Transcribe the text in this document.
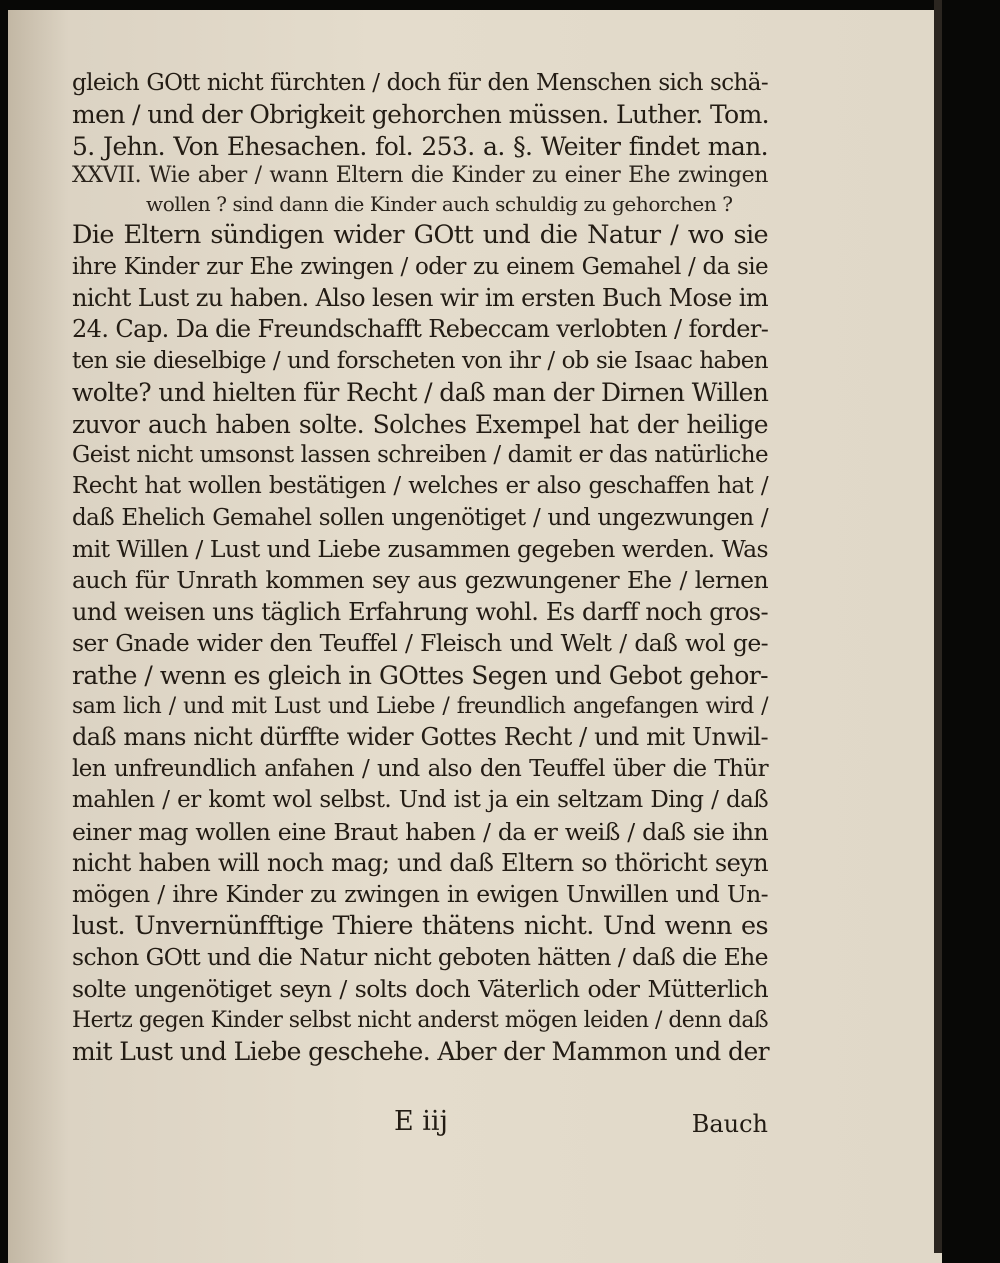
gleich GOtt nicht fürchten / doch für den Menschen sich schä-
men / und der Obrigkeit gehorchen müssen. Luther. Tom.
5. Jehn. Von Ehesachen. fol. 253. a. §. Weiter findet man.
XXVII. Wie aber / wann Eltern die Kinder zu einer Ehe zwingen
wollen ? sind dann die Kinder auch schuldig zu gehorchen ?
Die Eltern sündigen wider GOtt und die Natur / wo sie
ihre Kinder zur Ehe zwingen / oder zu einem Gemahel / da sie
nicht Lust zu haben. Also lesen wir im ersten Buch Mose im
24. Cap. Da die Freundschafft Rebeccam verlobten / forder-
ten sie dieselbige / und forscheten von ihr / ob sie Isaac haben
wolte? und hielten für Recht / daß man der Dirnen Willen
zuvor auch haben solte. Solches Exempel hat der heilige
Geist nicht umsonst lassen schreiben / damit er das natürliche
Recht hat wollen bestätigen / welches er also geschaffen hat /
daß Ehelich Gemahel sollen ungenötiget / und ungezwungen /
mit Willen / Lust und Liebe zusammen gegeben werden. Was
auch für Unrath kommen sey aus gezwungener Ehe / lernen
und weisen uns täglich Erfahrung wohl. Es darff noch gros-
ser Gnade wider den Teuffel / Fleisch und Welt / daß wol ge-
rathe / wenn es gleich in GOttes Segen und Gebot gehor-
sam lich / und mit Lust und Liebe / freundlich angefangen wird /
daß mans nicht dürffte wider Gottes Recht / und mit Unwil-
len unfreundlich anfahen / und also den Teuffel über die Thür
mahlen / er komt wol selbst. Und ist ja ein seltzam Ding / daß
einer mag wollen eine Braut haben / da er weiß / daß sie ihn
nicht haben will noch mag; und daß Eltern so thöricht seyn
mögen / ihre Kinder zu zwingen in ewigen Unwillen und Un-
lust. Unvernünfftige Thiere thätens nicht. Und wenn es
schon GOtt und die Natur nicht geboten hätten / daß die Ehe
solte ungenötiget seyn / solts doch Väterlich oder Mütterlich
Hertz gegen Kinder selbst nicht anderst mögen leiden / denn daß
mit Lust und Liebe geschehe. Aber der Mammon und der
E iij	Bauch
